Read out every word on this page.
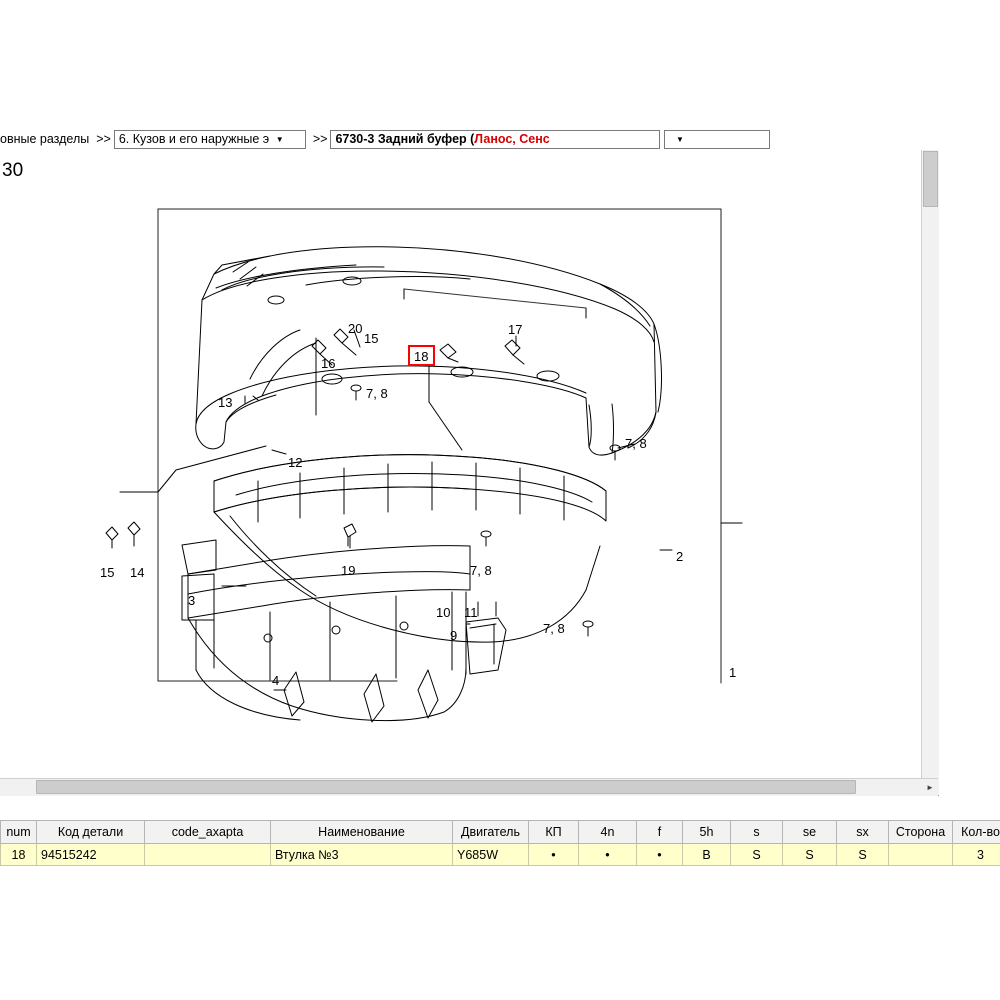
овные разделы >> 6. Кузов и его наружные э ▼ >> 6730-3 Задний буфер (Ланос, Сенс	▼
30
20
15
16
17
13
7, 8
12
7, 8
15 14	19	7, 8
2
3
10 11
9	7, 8
1
4
18
►
num	Код детали	code_axapta	Наименование	Двигатель	КП	4n	f	5h	s	se	sx	Сторона	Кол-во	
18	94515242		Втулка №3	Y685W	•	•	•	B	S	S	S		3	
